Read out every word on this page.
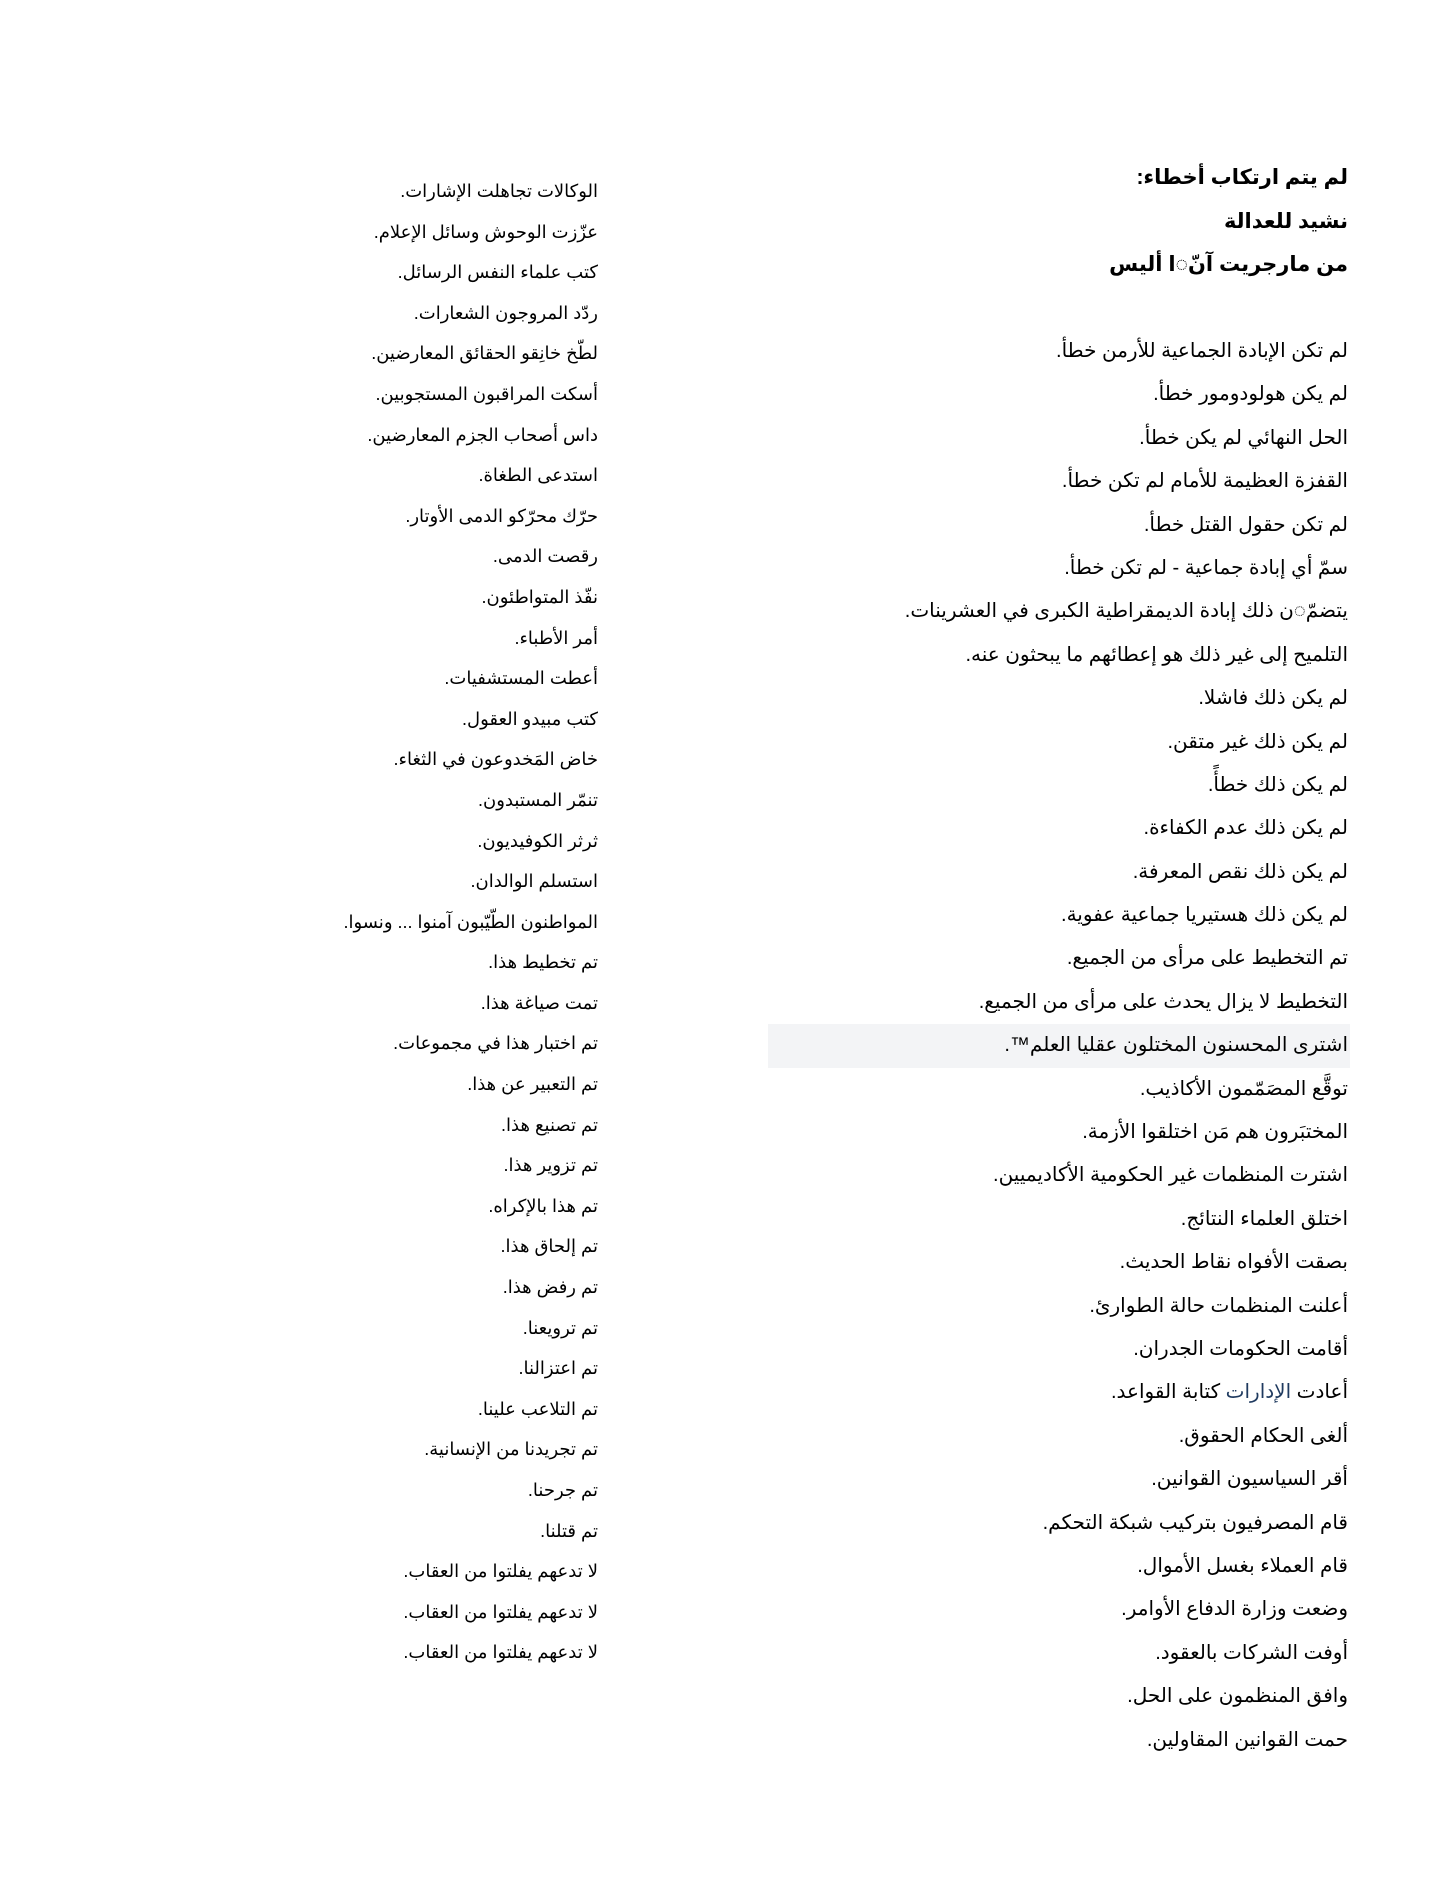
لم يتم ارتكاب أخطاء:
نشيد للعدالة
من مارجريت آنّ◌ا أليس
لم تكن الإبادة الجماعية للأرمن خطأ.
لم يكن هولودومور خطأ.
الحل النهائي لم يكن خطأ.
القفزة العظيمة للأمام لم تكن خطأ.
لم تكن حقول القتل خطأ.
سمّ أي إبادة جماعية - لم تكن خطأ.
يتضمّ◌ن ذلك إبادة الديمقراطية الكبرى في العشرينات.
التلميح إلى غير ذلك هو إعطائهم ما يبحثون عنه.
لم يكن ذلك فاشلا.
لم يكن ذلك غير متقن.
لم يكن ذلك خطأً.
لم يكن ذلك عدم الكفاءة.
لم يكن ذلك نقص المعرفة.
لم يكن ذلك هستيريا جماعية عفوية.
تم التخطيط على مرأى من الجميع.
التخطيط لا يزال يحدث على مرأى من الجميع.
اشترى المحسنون المختلون عقليا العلم™.
توقَّع المصَمّمون الأكاذيب.
المختبَرون هم مَن اختلقوا الأزمة.
اشترت المنظمات غير الحكومية الأكاديميين.
اختلق العلماء النتائج.
بصقت الأفواه نقاط الحديث.
أعلنت المنظمات حالة الطوارئ.
أقامت الحكومات الجدران.
أعادت الإدارات كتابة القواعد.
ألغى الحكام الحقوق.
أقر السياسيون القوانين.
قام المصرفيون بتركيب شبكة التحكم.
قام العملاء بغسل الأموال.
وضعت وزارة الدفاع الأوامر.
أوفت الشركات بالعقود.
وافق المنظمون على الحل.
حمت القوانين المقاولين.
الوكالات تجاهلت الإشارات.
عزّزت الوحوش وسائل الإعلام.
كتب علماء النفس الرسائل.
ردّد المروجون الشعارات.
لطّخ خانِقو الحقائق المعارضين.
أسكت المراقبون المستجوبين.
داس أصحاب الجزم المعارضين.
استدعى الطغاة.
حرّك محرّكو الدمى الأوتار.
رقصت الدمى.
نفّذ المتواطئون.
أمر الأطباء.
أعطت المستشفيات.
كتب مبيدو العقول.
خاض المَخدوعون في الثغاء.
تنمّر المستبدون.
ثرثر الكوفيديون.
استسلم الوالدان.
المواطنون الطّيّبون آمنوا ... ونسوا.
تم تخطيط هذا.
تمت صياغة هذا.
تم اختبار هذا في مجموعات.
تم التعبير عن هذا.
تم تصنيع هذا.
تم تزوير هذا.
تم هذا بالإكراه.
تم إلحاق هذا.
تم رفض هذا.
تم ترويعنا.
تم اعتزالنا.
تم التلاعب علينا.
تم تجريدنا من الإنسانية.
تم جرحنا.
تم قتلنا.
لا تدعهم يفلتوا من العقاب.
لا تدعهم يفلتوا من العقاب.
لا تدعهم يفلتوا من العقاب.
